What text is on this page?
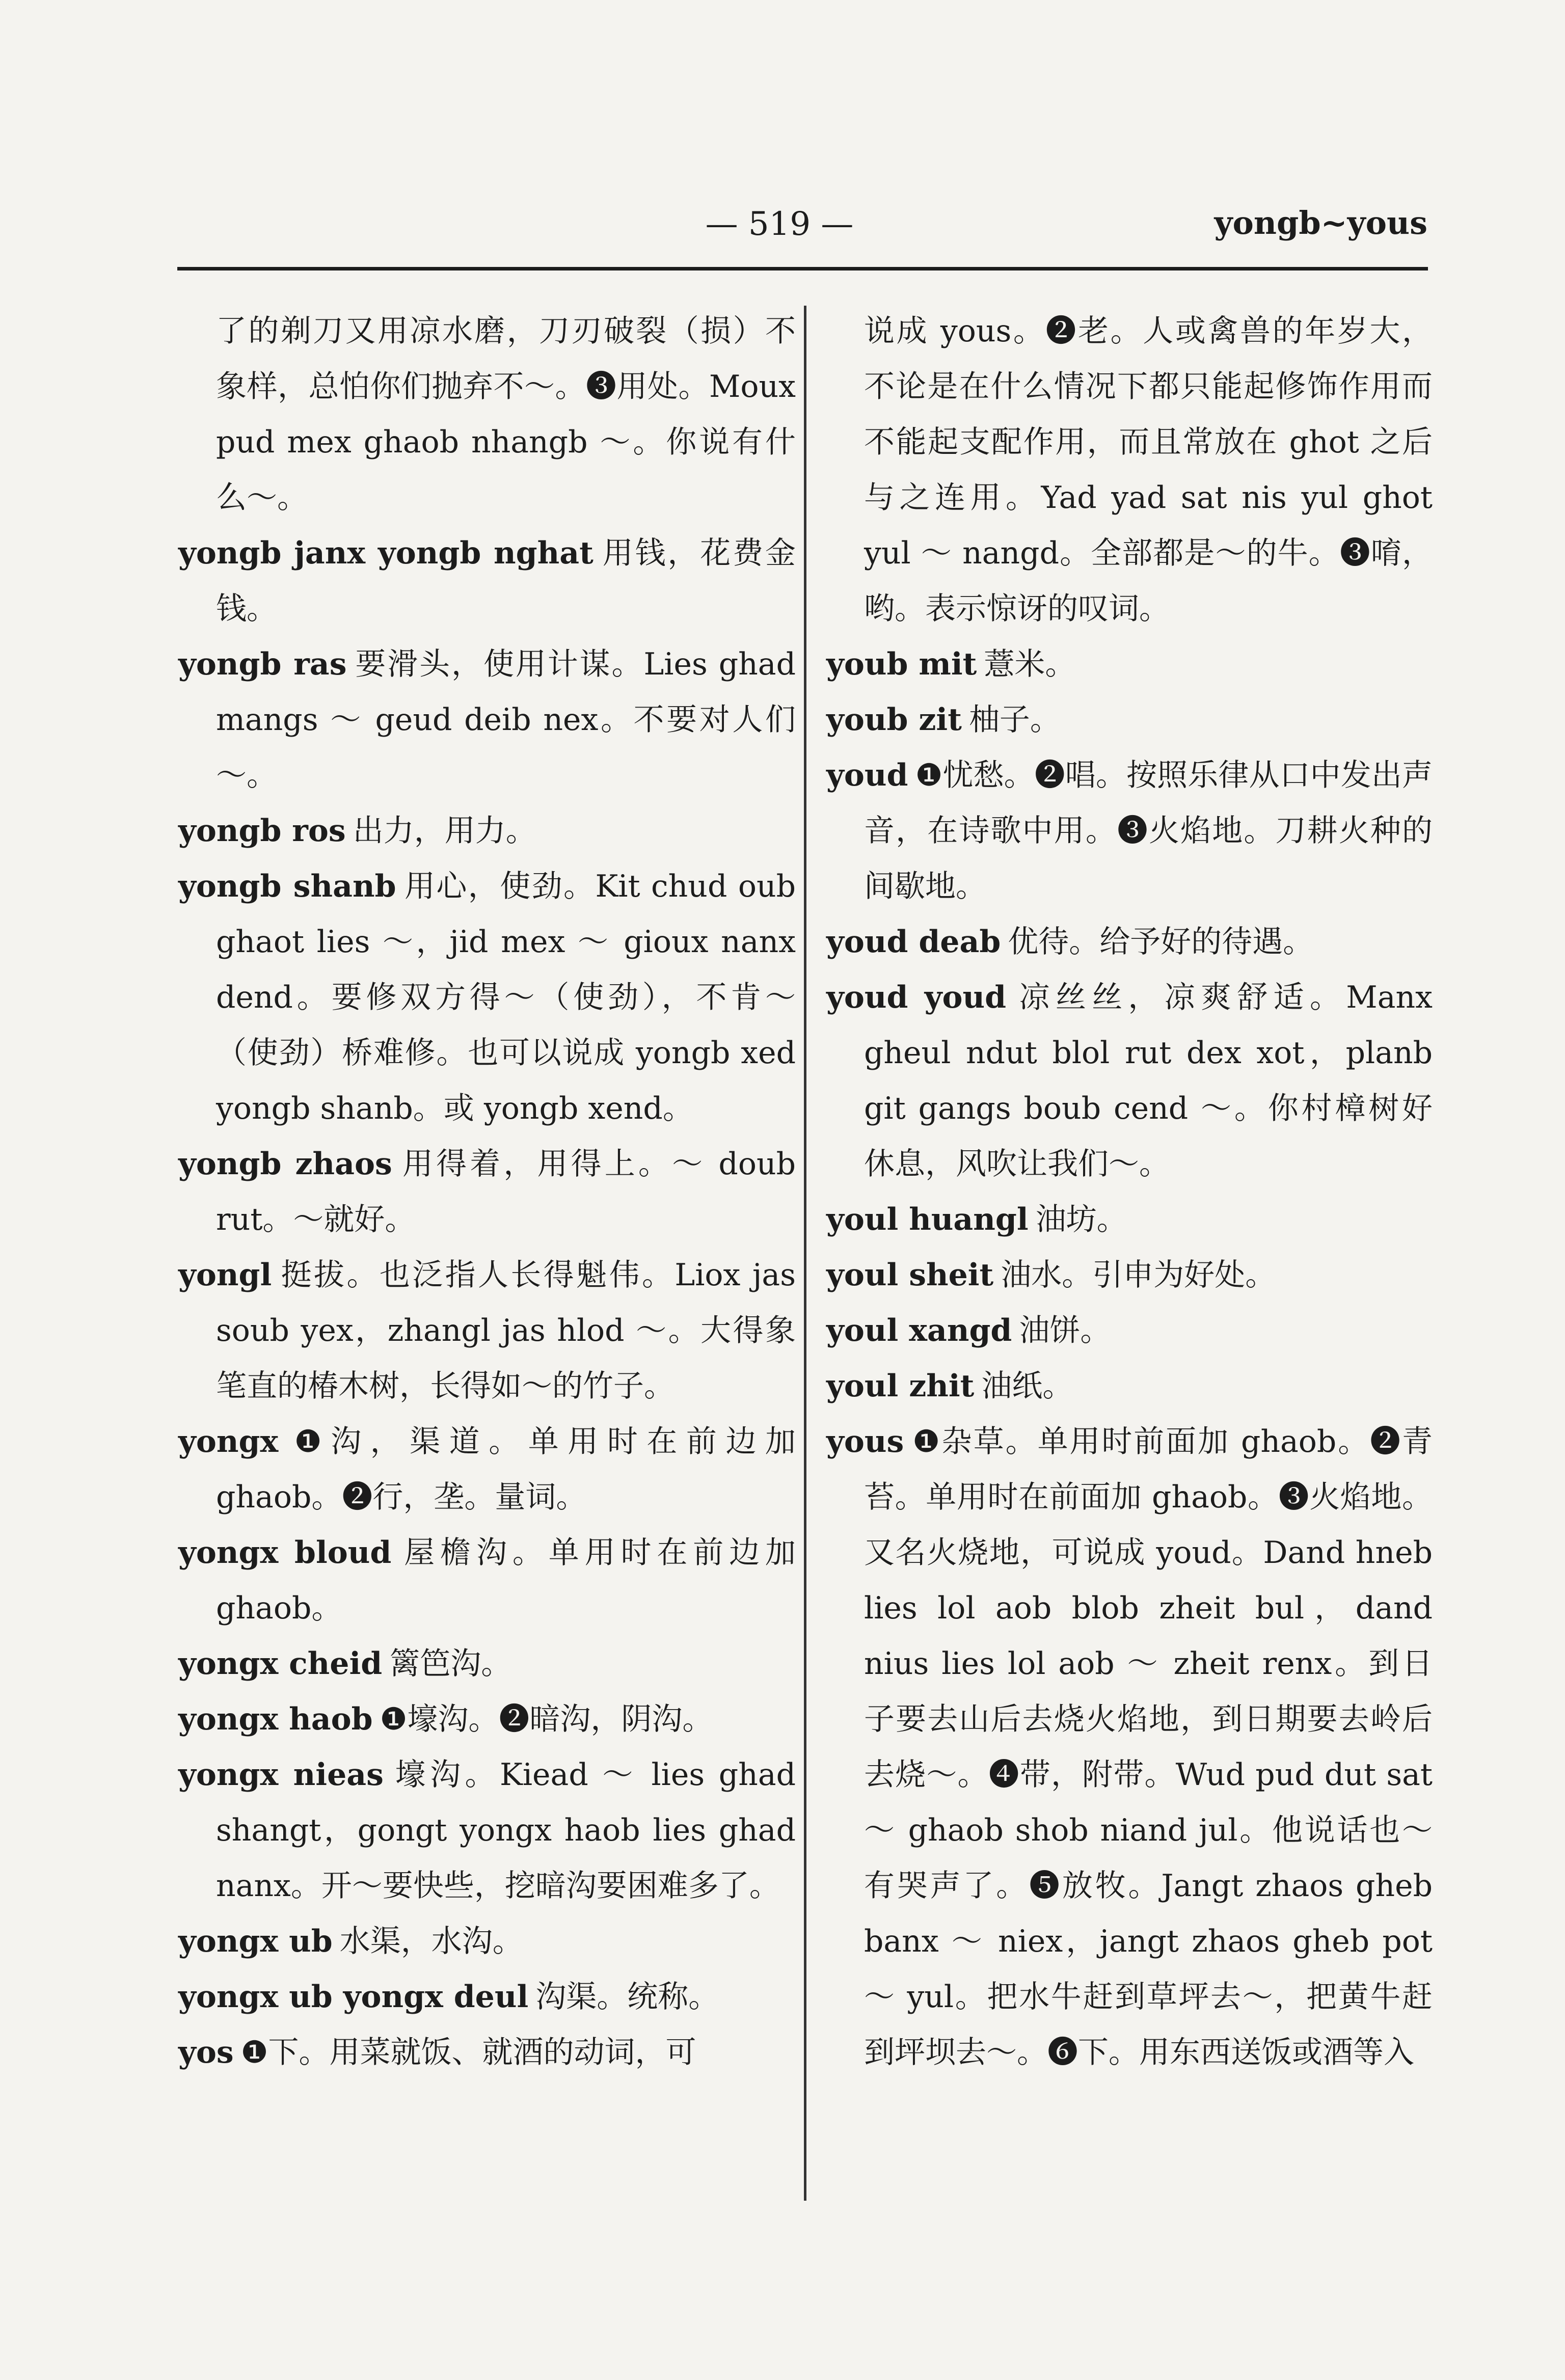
— 519 —	yongb~yous

了的剃刀又用凉水磨，刀刃破裂（损）不象样，总怕你们抛弃不～。❸用处。Moux pud mex ghaob nhangb ～。你说有什么～。

yongb janx yongb nghat 用钱，花费金钱。

yongb ras 要滑头，使用计谋。Lies ghad mangs ～ geud deib nex。不要对人们～。

yongb ros 出力，用力。

yongb shanb 用心，使劲。Kit chud oub ghaot lies ～，jid mex ～ gioux nanx dend。要修双方得～（使劲），不肯～（使劲）桥难修。也可以说成 yongb xed yongb shanb。或 yongb xend。

yongb zhaos 用得着，用得上。～ doub rut。～就好。

yongl 挺拔。也泛指人长得魁伟。Liox jas soub yex，zhangl jas hlod ～。大得象笔直的椿木树，长得如～的竹子。

yongx ❶沟，渠道。单用时在前边加 ghaob。❷行，垄。量词。

yongx bloud 屋檐沟。单用时在前边加 ghaob。

yongx cheid 篱笆沟。

yongx haob ❶壕沟。❷暗沟，阴沟。

yongx nieas 壕沟。Kiead ～ lies ghad shangt，gongt yongx haob lies ghad nanx。开～要快些，挖暗沟要困难多了。

yongx ub 水渠，水沟。

yongx ub yongx deul 沟渠。统称。

yos ❶下。用菜就饭、就酒的动词，可

说成 yous。❷老。人或禽兽的年岁大，不论是在什么情况下都只能起修饰作用而不能起支配作用，而且常放在 ghot 之后与之连用。Yad yad sat nis yul ghot yul ～ nangd。全部都是～的牛。❸唷，哟。表示惊讶的叹词。

youb mit 薏米。

youb zit 柚子。

youd ❶忧愁。❷唱。按照乐律从口中发出声音，在诗歌中用。❸火焰地。刀耕火种的间歇地。

youd deab 优待。给予好的待遇。

youd youd 凉丝丝，凉爽舒适。Manx gheul ndut blol rut dex xot，planb git gangs boub cend ～。你村樟树好休息，风吹让我们～。

youl huangl 油坊。

youl sheit 油水。引申为好处。

youl xangd 油饼。

youl zhit 油纸。

yous ❶杂草。单用时前面加 ghaob。❷青苔。单用时在前面加 ghaob。❸火焰地。又名火烧地，可说成 youd。Dand hneb lies lol aob blob zheit bul，dand nius lies lol aob ～ zheit renx。到日子要去山后去烧火焰地，到日期要去岭后去烧～。❹带，附带。Wud pud dut sat ～ ghaob shob niand jul。他说话也～有哭声了。❺放牧。Jangt zhaos gheb banx ～ niex，jangt zhaos gheb pot ～ yul。把水牛赶到草坪去～，把黄牛赶到坪坝去～。❻下。用东西送饭或酒等入
